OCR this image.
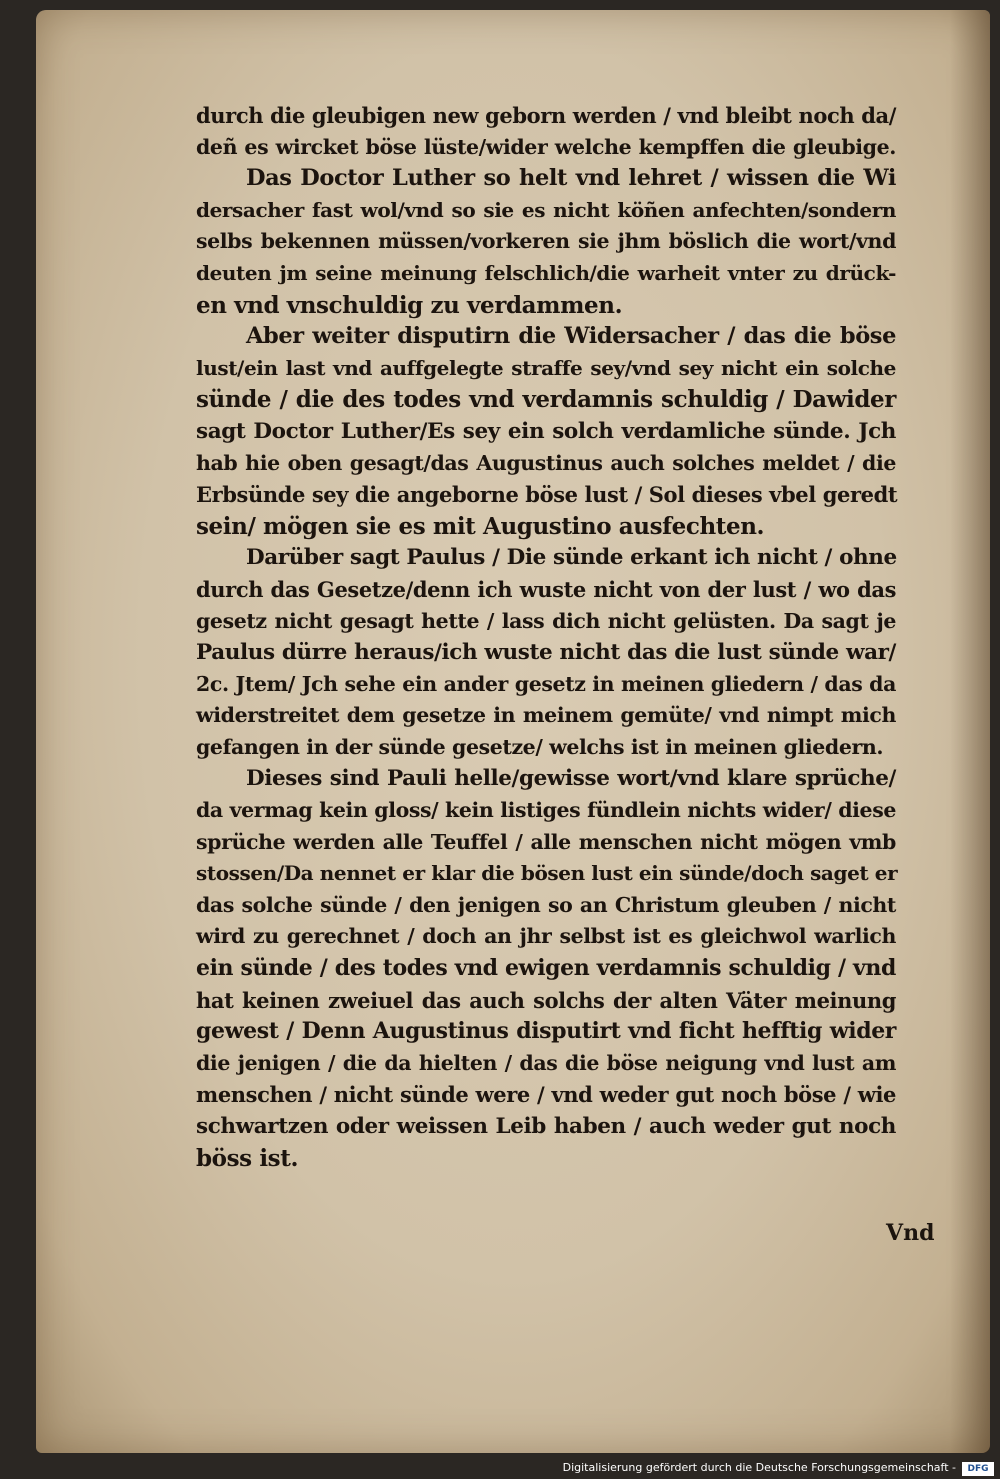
durch die gleubigen new geborn werden / vnd bleibt noch da/
deñ es wircket böse lüste/wider welche kempffen die gleubige.
Das Doctor Luther so helt vnd lehret / wissen die Wi
dersacher fast wol/vnd so sie es nicht köñen anfechten/sondern
selbs bekennen müssen/vorkeren sie jhm böslich die wort/vnd
deuten jm seine meinung felschlich/die warheit vnter zu drück-
en vnd vnschuldig zu verdammen.
Aber weiter disputirn die Widersacher / das die böse
lust/ein last vnd auffgelegte straffe sey/vnd sey nicht ein solche
sünde / die des todes vnd verdamnis schuldig / Dawider
sagt Doctor Luther/Es sey ein solch verdamliche sünde. Jch
hab hie oben gesagt/das Augustinus auch solches meldet / die
Erbsünde sey die angeborne böse lust / Sol dieses vbel geredt
sein/ mögen sie es mit Augustino ausfechten.
Darüber sagt Paulus / Die sünde erkant ich nicht / ohne
durch das Gesetze/denn ich wuste nicht von der lust / wo das
gesetz nicht gesagt hette / lass dich nicht gelüsten. Da sagt je
Paulus dürre heraus/ich wuste nicht das die lust sünde war/
2c. Jtem/ Jch sehe ein ander gesetz in meinen gliedern / das da
widerstreitet dem gesetze in meinem gemüte/ vnd nimpt mich
gefangen in der sünde gesetze/ welchs ist in meinen gliedern.
Dieses sind Pauli helle/gewisse wort/vnd klare sprüche/
da vermag kein gloss/ kein listiges fündlein nichts wider/ diese
sprüche werden alle Teuffel / alle menschen nicht mögen vmb
stossen/Da nennet er klar die bösen lust ein sünde/doch saget er
das solche sünde / den jenigen so an Christum gleuben / nicht
wird zu gerechnet / doch an jhr selbst ist es gleichwol warlich
ein sünde / des todes vnd ewigen verdamnis schuldig / vnd
hat keinen zweiuel das auch solchs der alten Väter meinung
gewest / Denn Augustinus disputirt vnd ficht hefftig wider
die jenigen / die da hielten / das die böse neigung vnd lust am
menschen / nicht sünde were / vnd weder gut noch böse / wie
schwartzen oder weissen Leib haben / auch weder gut noch
böss ist.
Vnd
Digitalisierung gefördert durch die Deutsche Forschungsgemeinschaft -	DFG
